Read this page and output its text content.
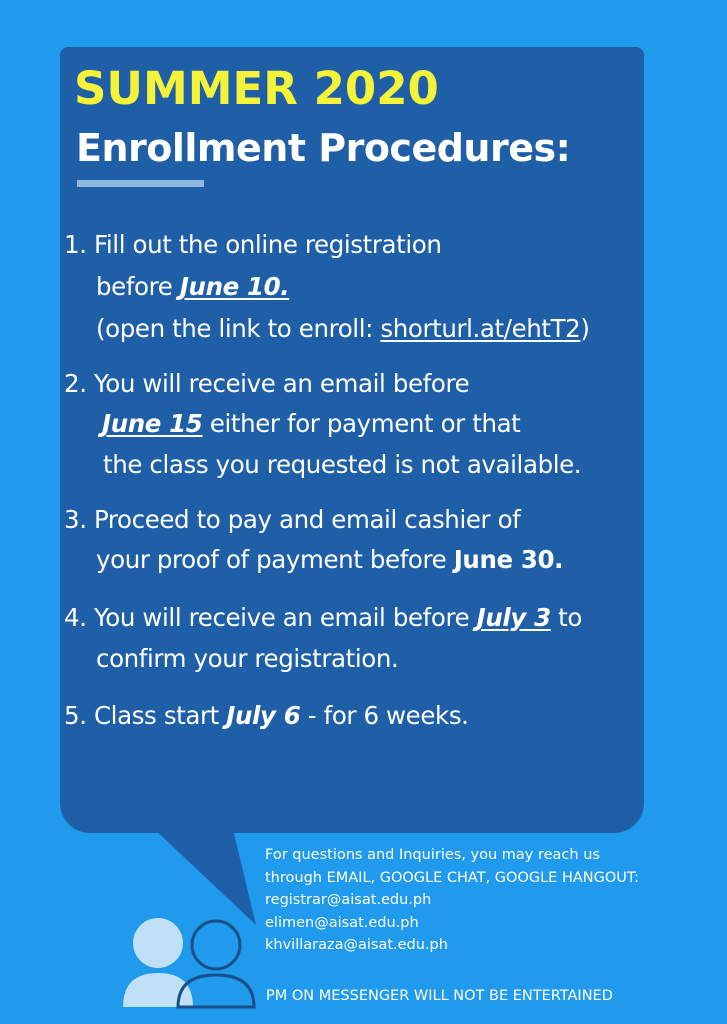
SUMMER 2020
Enrollment Procedures:
1. Fill out the online registration
before June 10.
(open the link to enroll: shorturl.at/ehtT2)
2. You will receive an email before
June 15 either for payment or that
the class you requested is not available.
3. Proceed to pay and email cashier of
your proof of payment before June 30.
4. You will receive an email before July 3 to
confirm your registration.
5. Class start July 6 - for 6 weeks.
For questions and Inquiries, you may reach us
through EMAIL, GOOGLE CHAT, GOOGLE HANGOUT:
registrar@aisat.edu.ph
elimen@aisat.edu.ph
khvillaraza@aisat.edu.ph
PM ON MESSENGER WILL NOT BE ENTERTAINED
